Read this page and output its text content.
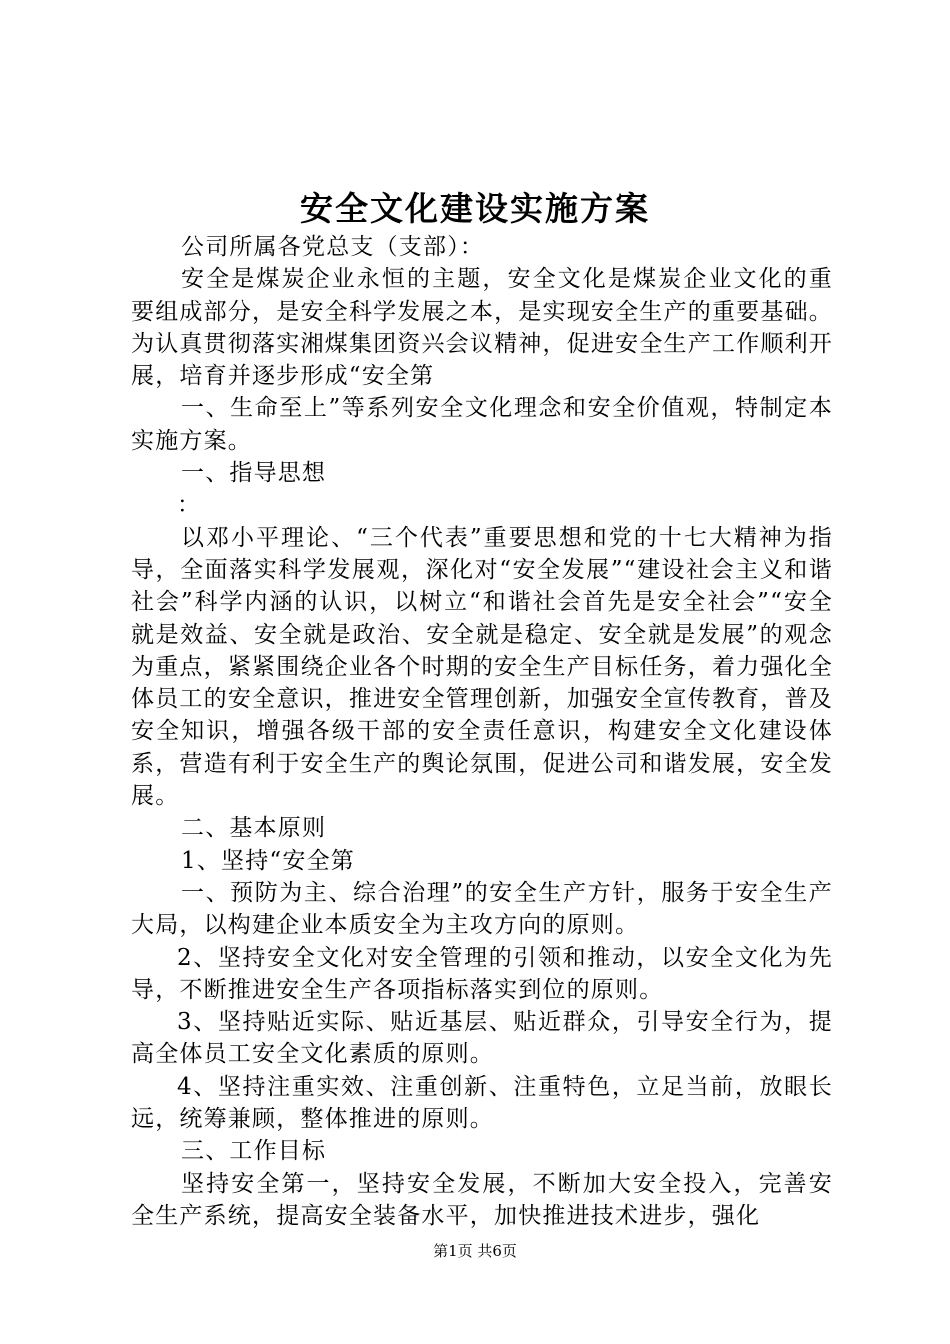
安全文化建设实施方案

公司所属各党总支（支部）：

安全是煤炭企业永恒的主题，安全文化是煤炭企业文化的重要组成部分，是安全科学发展之本，是实现安全生产的重要基础。为认真贯彻落实湘煤集团资兴会议精神，促进安全生产工作顺利开展，培育并逐步形成“安全第

一、生命至上”等系列安全文化理念和安全价值观，特制定本实施方案。

一、指导思想

：

以邓小平理论、“三个代表”重要思想和党的十七大精神为指导，全面落实科学发展观，深化对“安全发展”“建设社会主义和谐社会”科学内涵的认识，以树立“和谐社会首先是安全社会”“安全就是效益、安全就是政治、安全就是稳定、安全就是发展”的观念为重点，紧紧围绕企业各个时期的安全生产目标任务，着力强化全体员工的安全意识，推进安全管理创新，加强安全宣传教育，普及安全知识，增强各级干部的安全责任意识，构建安全文化建设体系，营造有利于安全生产的舆论氛围，促进公司和谐发展，安全发展。

二、基本原则

1、坚持“安全第

一、预防为主、综合治理”的安全生产方针，服务于安全生产大局，以构建企业本质安全为主攻方向的原则。

2、坚持安全文化对安全管理的引领和推动，以安全文化为先导，不断推进安全生产各项指标落实到位的原则。

3、坚持贴近实际、贴近基层、贴近群众，引导安全行为，提高全体员工安全文化素质的原则。

4、坚持注重实效、注重创新、注重特色，立足当前，放眼长远，统筹兼顾，整体推进的原则。

三、工作目标

坚持安全第一，坚持安全发展，不断加大安全投入，完善安全生产系统，提高安全装备水平，加快推进技术进步，强化

第1页 共6页
